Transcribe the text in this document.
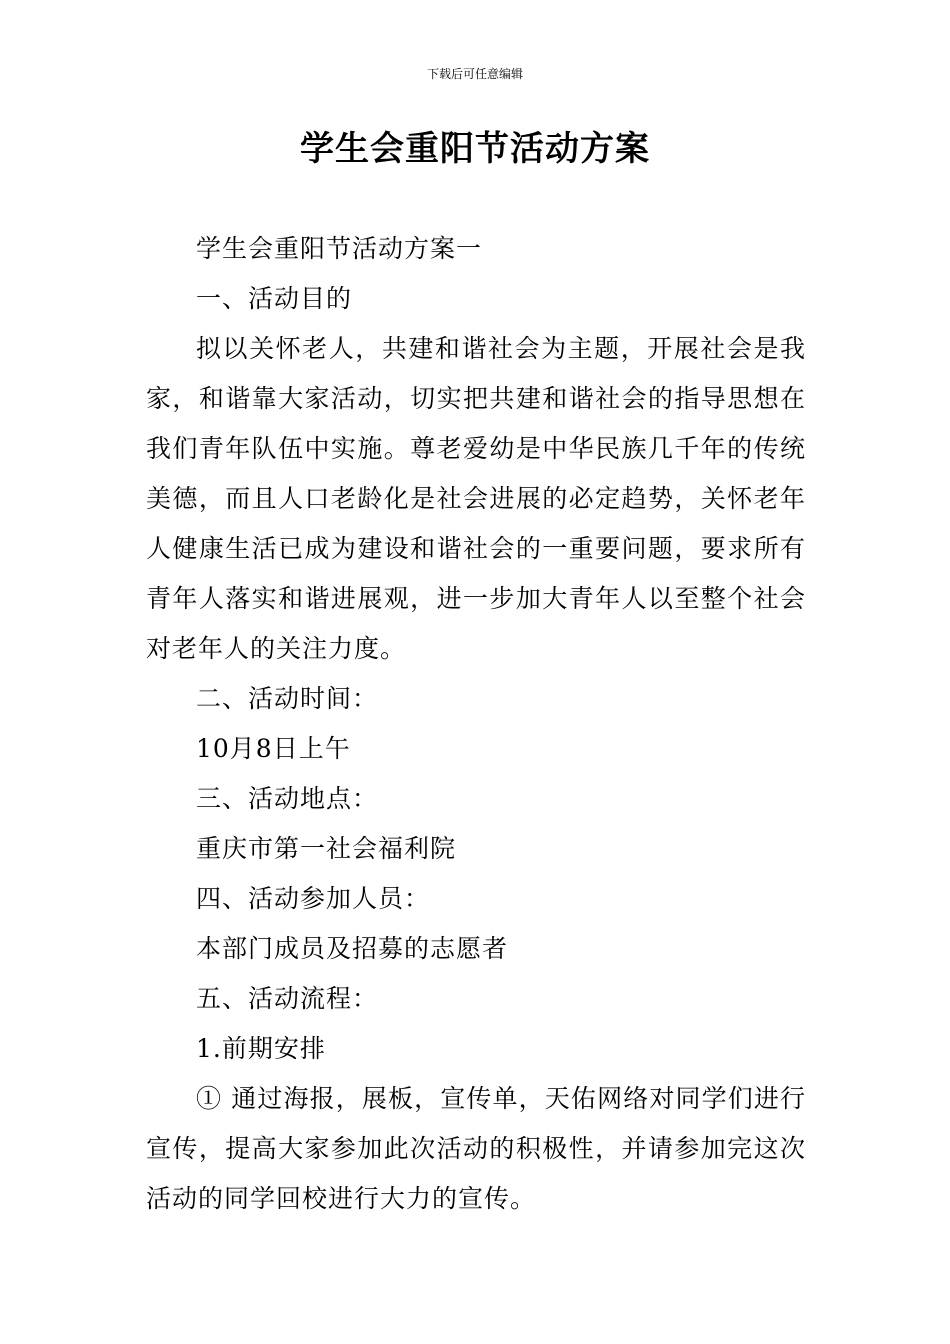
下载后可任意编辑
学生会重阳节活动方案

学生会重阳节活动方案一

一、活动目的

拟以关怀老人，共建和谐社会为主题，开展社会是我家，和谐靠大家活动，切实把共建和谐社会的指导思想在我们青年队伍中实施。尊老爱幼是中华民族几千年的传统美德，而且人口老龄化是社会进展的必定趋势，关怀老年人健康生活已成为建设和谐社会的一重要问题，要求所有青年人落实和谐进展观，进一步加大青年人以至整个社会对老年人的关注力度。

二、活动时间：

10月8日上午

三、活动地点：

重庆市第一社会福利院

四、活动参加人员：

本部门成员及招募的志愿者

五、活动流程：

1.前期安排

① 通过海报，展板，宣传单，天佑网络对同学们进行宣传，提高大家参加此次活动的积极性，并请参加完这次活动的同学回校进行大力的宣传。
